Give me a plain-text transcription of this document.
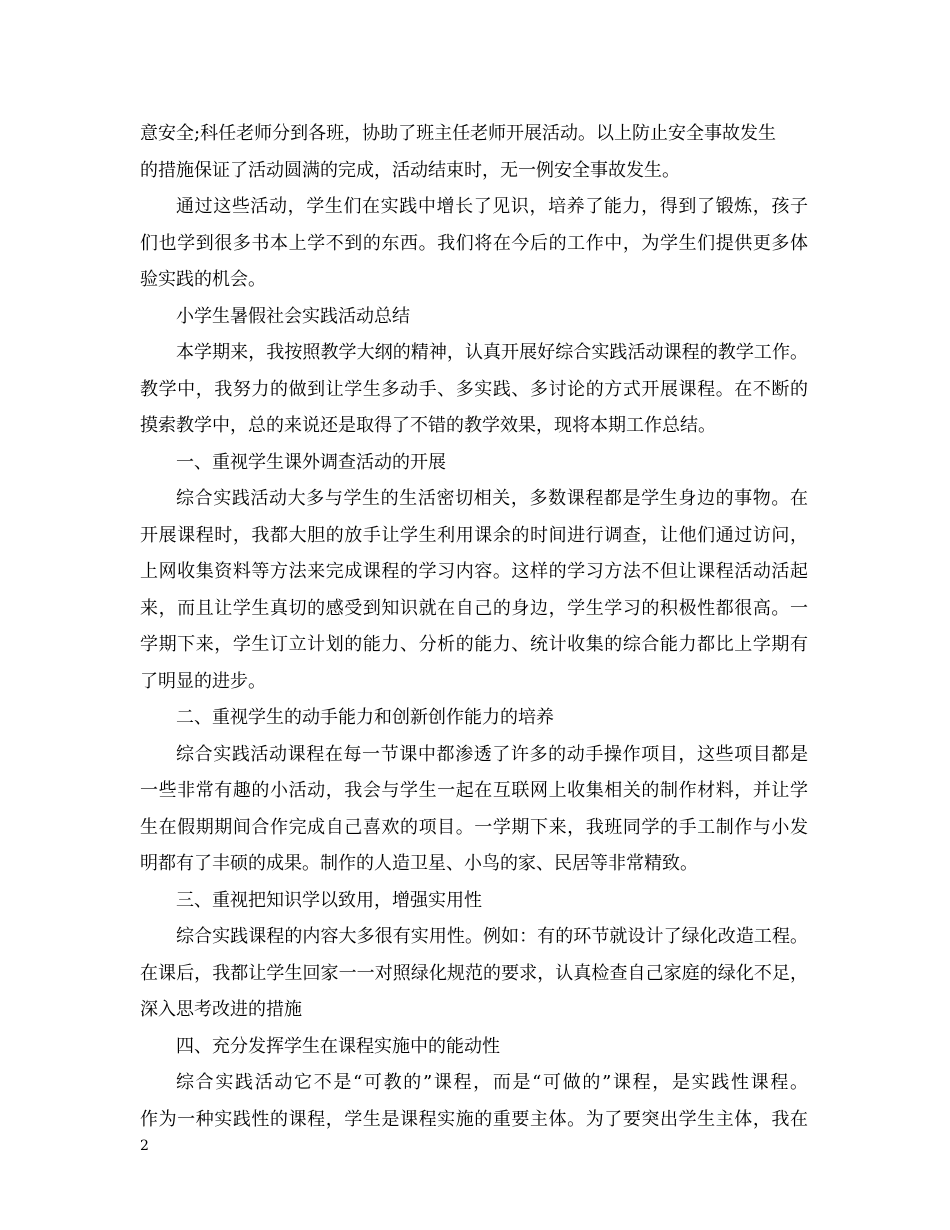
意安全;科任老师分到各班，协助了班主任老师开展活动。以上防止安全事故发生
的措施保证了活动圆满的完成，活动结束时，无一例安全事故发生。
通过这些活动，学生们在实践中增长了见识，培养了能力，得到了锻炼，孩子
们也学到很多书本上学不到的东西。我们将在今后的工作中，为学生们提供更多体
验实践的机会。
小学生暑假社会实践活动总结
本学期来，我按照教学大纲的精神，认真开展好综合实践活动课程的教学工作。
教学中，我努力的做到让学生多动手、多实践、多讨论的方式开展课程。在不断的
摸索教学中，总的来说还是取得了不错的教学效果，现将本期工作总结。
一、重视学生课外调查活动的开展
综合实践活动大多与学生的生活密切相关，多数课程都是学生身边的事物。在
开展课程时，我都大胆的放手让学生利用课余的时间进行调查，让他们通过访问，
上网收集资料等方法来完成课程的学习内容。这样的学习方法不但让课程活动活起
来，而且让学生真切的感受到知识就在自己的身边，学生学习的积极性都很高。一
学期下来，学生订立计划的能力、分析的能力、统计收集的综合能力都比上学期有
了明显的进步。
二、重视学生的动手能力和创新创作能力的培养
综合实践活动课程在每一节课中都渗透了许多的动手操作项目，这些项目都是
一些非常有趣的小活动，我会与学生一起在互联网上收集相关的制作材料，并让学
生在假期期间合作完成自己喜欢的项目。一学期下来，我班同学的手工制作与小发
明都有了丰硕的成果。制作的人造卫星、小鸟的家、民居等非常精致。
三、重视把知识学以致用，增强实用性
综合实践课程的内容大多很有实用性。例如：有的环节就设计了绿化改造工程。
在课后，我都让学生回家一一对照绿化规范的要求，认真检查自己家庭的绿化不足，
深入思考改进的措施
四、充分发挥学生在课程实施中的能动性
综合实践活动它不是“可教的”课程，而是“可做的”课程，是实践性课程。
作为一种实践性的课程，学生是课程实施的重要主体。为了要突出学生主体，我在
2
